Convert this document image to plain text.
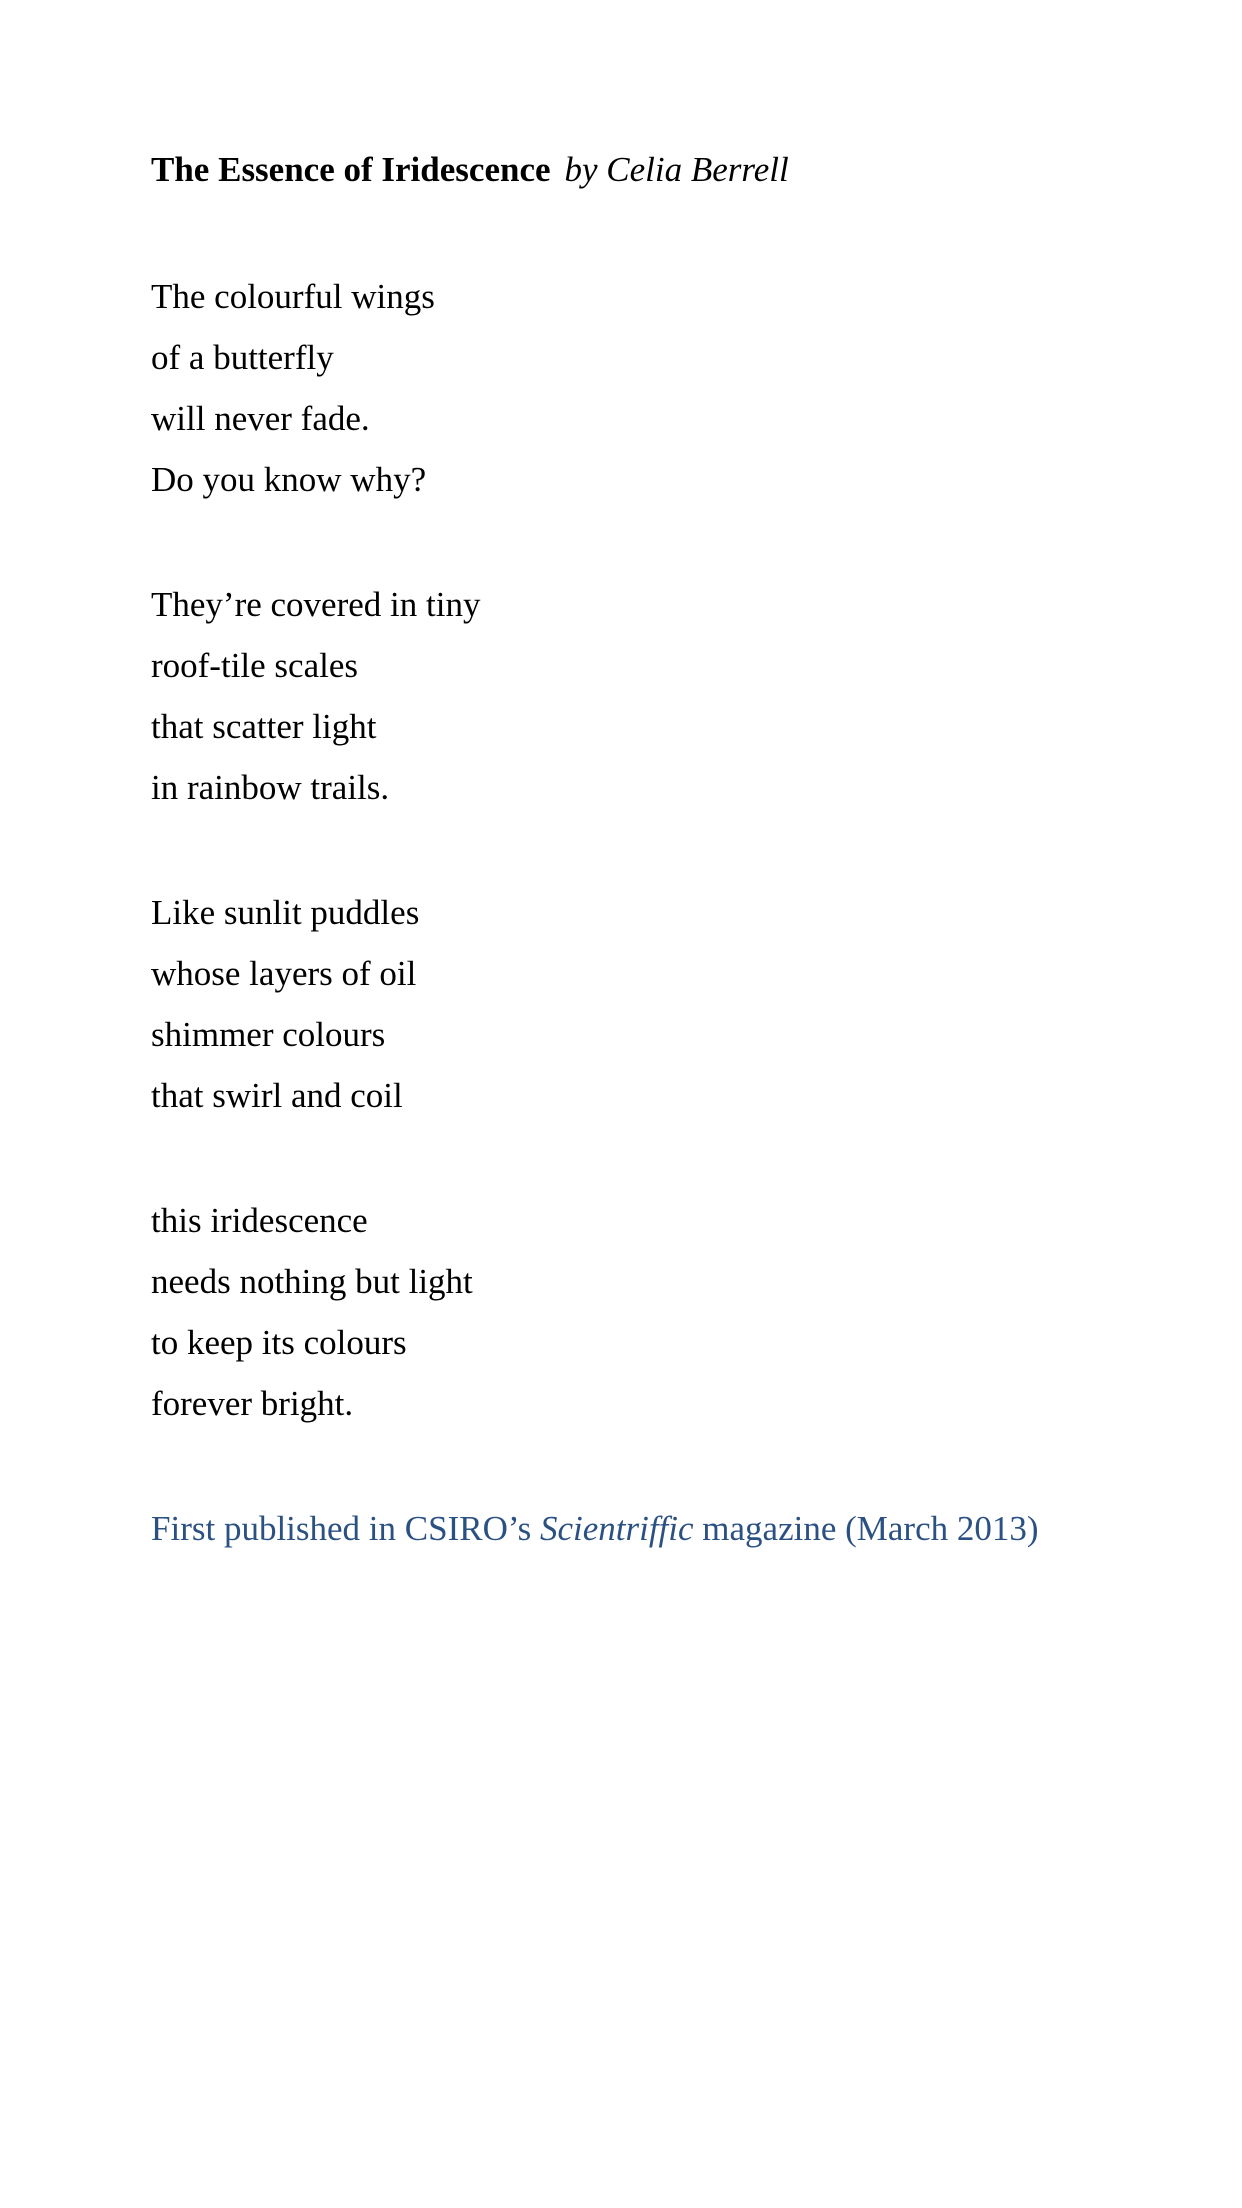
The Essence of Iridescence by Celia Berrell
The colourful wings
of a butterfly
will never fade.
Do you know why?
They’re covered in tiny
roof-tile scales
that scatter light
in rainbow trails.
Like sunlit puddles
whose layers of oil
shimmer colours
that swirl and coil
this iridescence
needs nothing but light
to keep its colours
forever bright.
First published in CSIRO’s Scientriffic magazine (March 2013)
